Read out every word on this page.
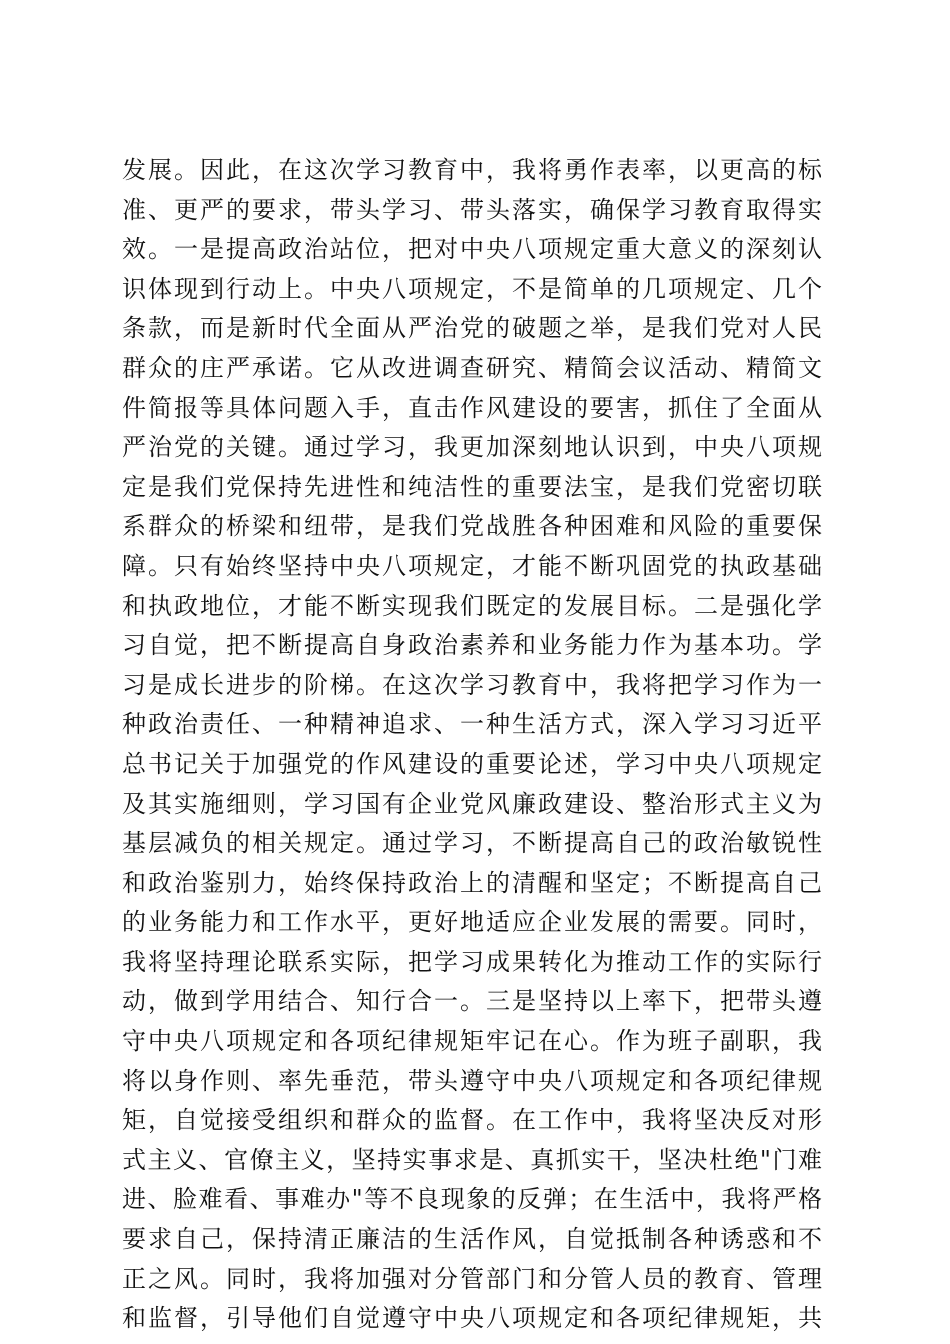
发展。因此，在这次学习教育中，我将勇作表率，以更高的标
准、更严的要求，带头学习、带头落实，确保学习教育取得实
效。一是提高政治站位，把对中央八项规定重大意义的深刻认
识体现到行动上。中央八项规定，不是简单的几项规定、几个
条款，而是新时代全面从严治党的破题之举，是我们党对人民
群众的庄严承诺。它从改进调查研究、精简会议活动、精简文
件简报等具体问题入手，直击作风建设的要害，抓住了全面从
严治党的关键。通过学习，我更加深刻地认识到，中央八项规
定是我们党保持先进性和纯洁性的重要法宝，是我们党密切联
系群众的桥梁和纽带，是我们党战胜各种困难和风险的重要保
障。只有始终坚持中央八项规定，才能不断巩固党的执政基础
和执政地位，才能不断实现我们既定的发展目标。二是强化学
习自觉，把不断提高自身政治素养和业务能力作为基本功。学
习是成长进步的阶梯。在这次学习教育中，我将把学习作为一
种政治责任、一种精神追求、一种生活方式，深入学习习近平
总书记关于加强党的作风建设的重要论述，学习中央八项规定
及其实施细则，学习国有企业党风廉政建设、整治形式主义为
基层减负的相关规定。通过学习，不断提高自己的政治敏锐性
和政治鉴别力，始终保持政治上的清醒和坚定；不断提高自己
的业务能力和工作水平，更好地适应企业发展的需要。同时，
我将坚持理论联系实际，把学习成果转化为推动工作的实际行
动，做到学用结合、知行合一。三是坚持以上率下，把带头遵
守中央八项规定和各项纪律规矩牢记在心。作为班子副职，我
将以身作则、率先垂范，带头遵守中央八项规定和各项纪律规
矩，自觉接受组织和群众的监督。在工作中，我将坚决反对形
式主义、官僚主义，坚持实事求是、真抓实干，坚决杜绝"门难
进、脸难看、事难办"等不良现象的反弹；在生活中，我将严格
要求自己，保持清正廉洁的生活作风，自觉抵制各种诱惑和不
正之风。同时，我将加强对分管部门和分管人员的教育、管理
和监督，引导他们自觉遵守中央八项规定和各项纪律规矩，共
